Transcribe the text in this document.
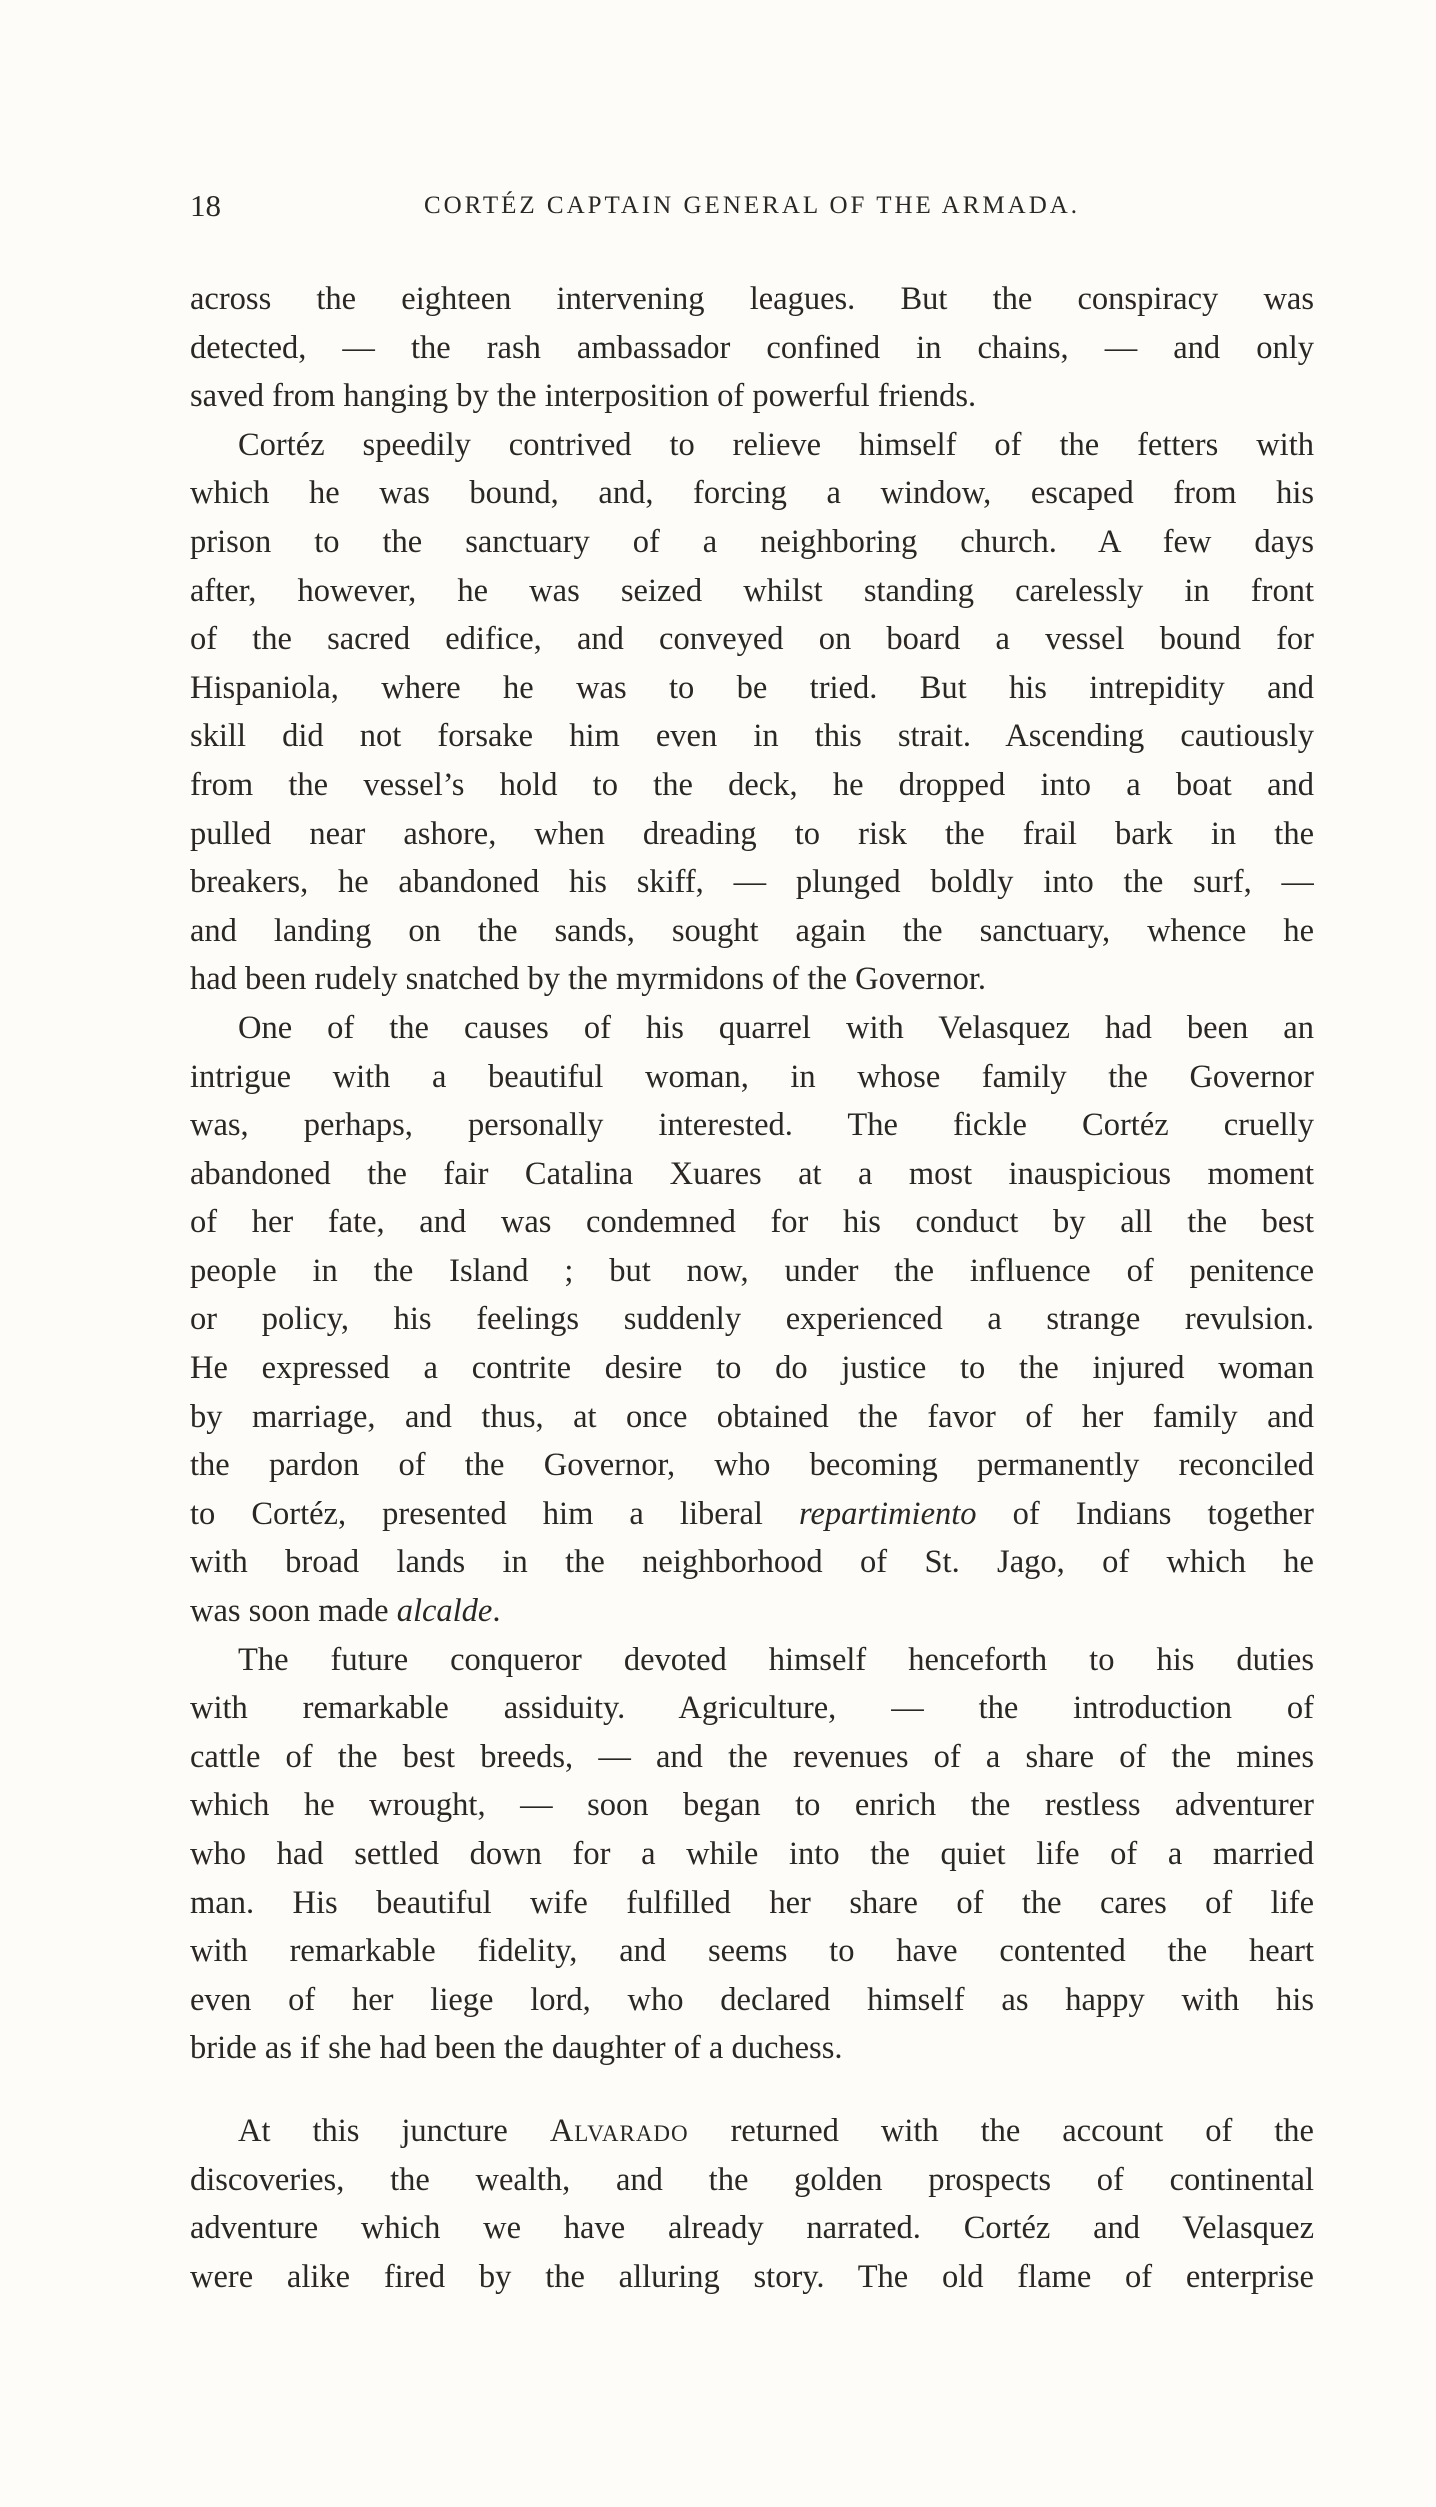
18	CORTÉZ CAPTAIN GENERAL OF THE ARMADA.
across the eighteen intervening leagues. But the conspiracy was
detected, — the rash ambassador confined in chains, — and only
saved from hanging by the interposition of powerful friends.
Cortéz speedily contrived to relieve himself of the fetters with
which he was bound, and, forcing a window, escaped from his
prison to the sanctuary of a neighboring church. A few days
after, however, he was seized whilst standing carelessly in front
of the sacred edifice, and conveyed on board a vessel bound for
Hispaniola, where he was to be tried. But his intrepidity and
skill did not forsake him even in this strait. Ascending cautiously
from the vessel’s hold to the deck, he dropped into a boat and
pulled near ashore, when dreading to risk the frail bark in the
breakers, he abandoned his skiff, — plunged boldly into the surf, —
and landing on the sands, sought again the sanctuary, whence he
had been rudely snatched by the myrmidons of the Governor.
One of the causes of his quarrel with Velasquez had been an
intrigue with a beautiful woman, in whose family the Governor
was, perhaps, personally interested. The fickle Cortéz cruelly
abandoned the fair Catalina Xuares at a most inauspicious moment
of her fate, and was condemned for his conduct by all the best
people in the Island ; but now, under the influence of penitence
or policy, his feelings suddenly experienced a strange revulsion.
He expressed a contrite desire to do justice to the injured woman
by marriage, and thus, at once obtained the favor of her family and
the pardon of the Governor, who becoming permanently reconciled
to Cortéz, presented him a liberal repartimiento of Indians together
with broad lands in the neighborhood of St. Jago, of which he
was soon made alcalde.
The future conqueror devoted himself henceforth to his duties
with remarkable assiduity. Agriculture, — the introduction of
cattle of the best breeds, — and the revenues of a share of the mines
which he wrought, — soon began to enrich the restless adventurer
who had settled down for a while into the quiet life of a married
man. His beautiful wife fulfilled her share of the cares of life
with remarkable fidelity, and seems to have contented the heart
even of her liege lord, who declared himself as happy with his
bride as if she had been the daughter of a duchess.
At this juncture Alvarado returned with the account of the
discoveries, the wealth, and the golden prospects of continental
adventure which we have already narrated. Cortéz and Velasquez
were alike fired by the alluring story. The old flame of enterprise
